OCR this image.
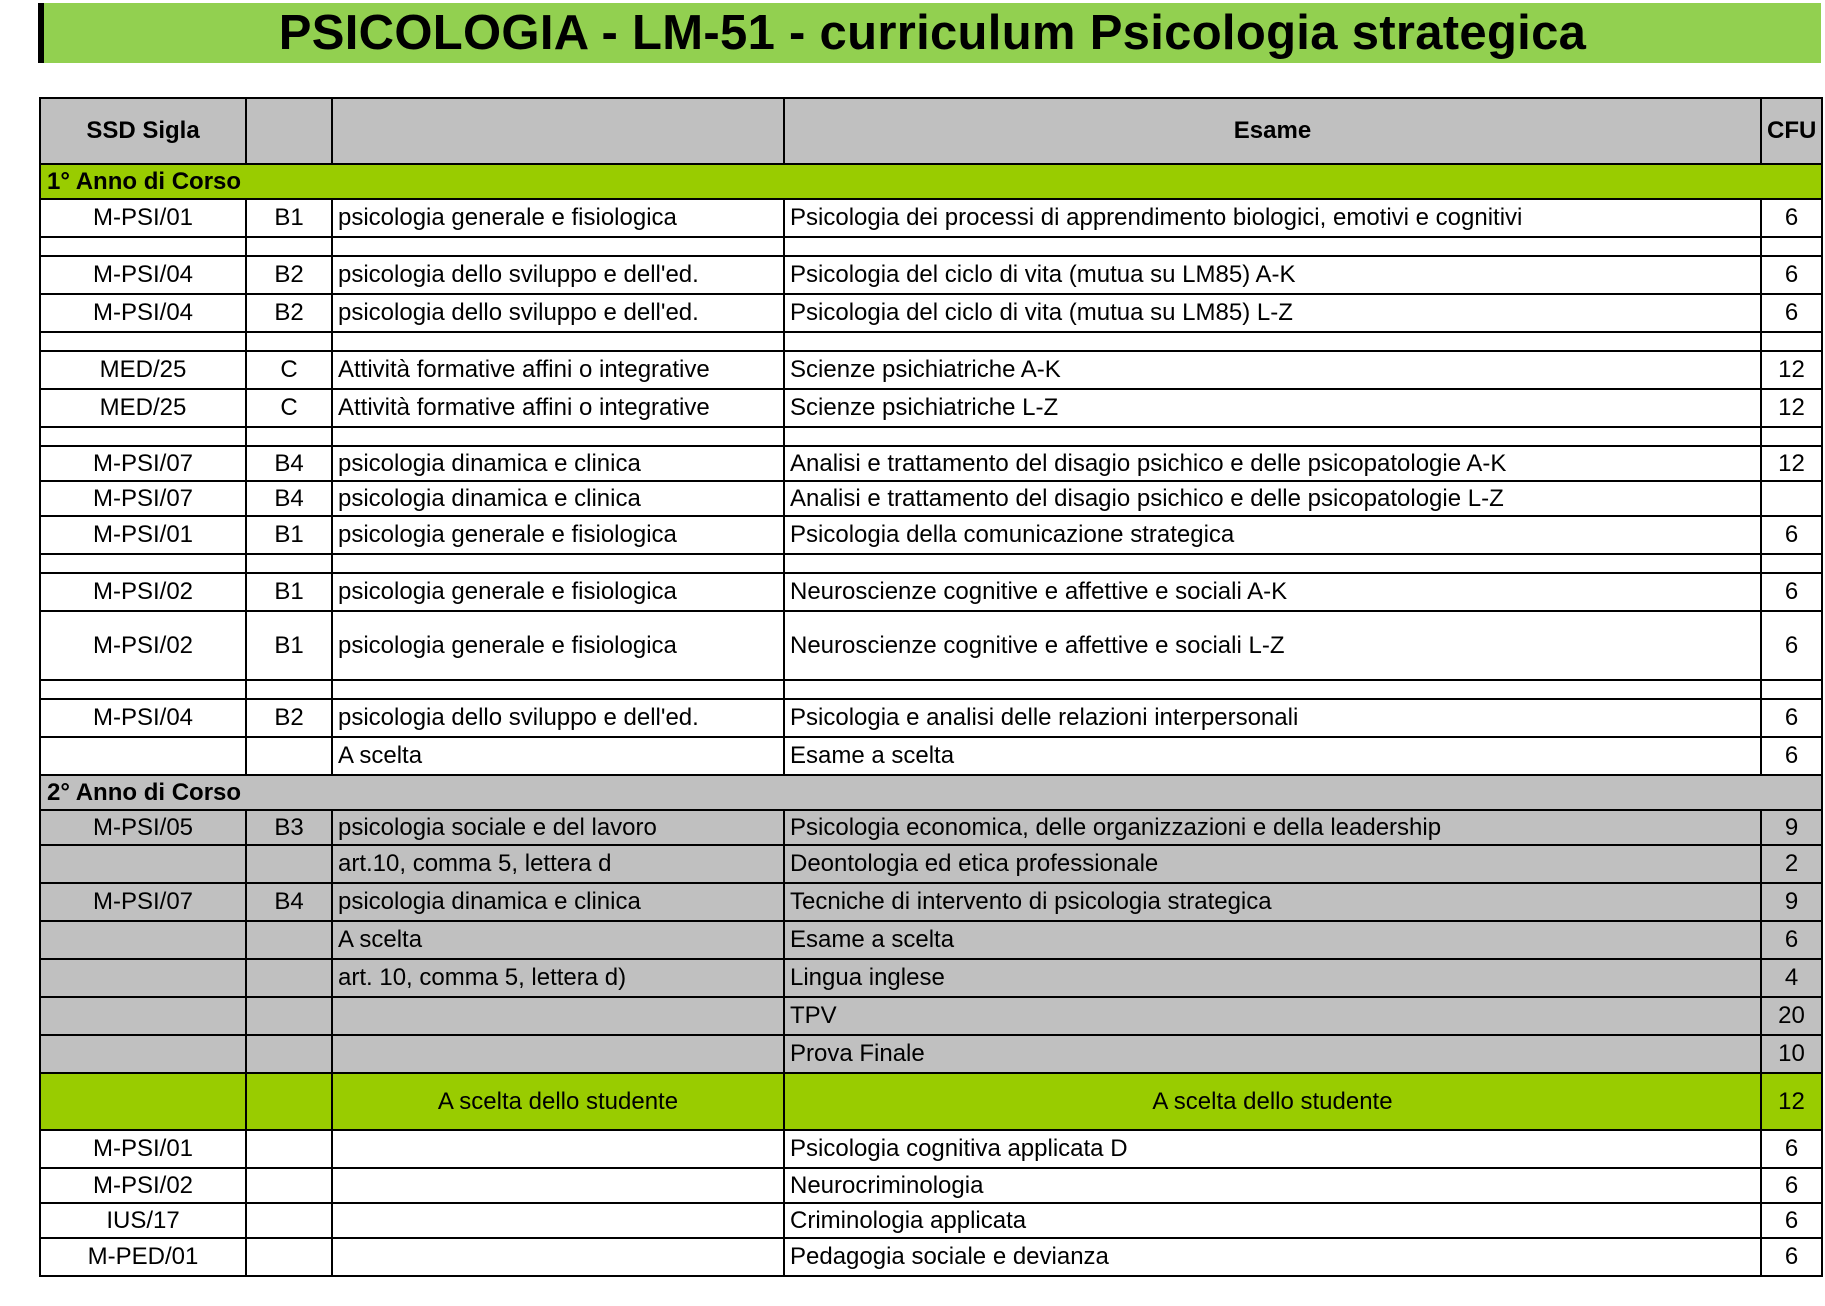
PSICOLOGIA - LM-51 - curriculum Psicologia strategica
SSD Sigla			Esame	CFU
1° Anno di Corso				
M-PSI/01	B1	psicologia generale e fisiologica	Psicologia dei processi di apprendimento biologici, emotivi e cognitivi	6

M-PSI/04	B2	psicologia dello sviluppo e dell'ed.	Psicologia del ciclo di vita (mutua su LM85) A-K	6
M-PSI/04	B2	psicologia dello sviluppo e dell'ed.	Psicologia del ciclo di vita (mutua su LM85) L-Z	6

MED/25	C	Attività formative affini o integrative	Scienze psichiatriche A-K	12
MED/25	C	Attività formative affini o integrative	Scienze psichiatriche L-Z	12

M-PSI/07	B4	psicologia dinamica e clinica	Analisi e trattamento del disagio psichico e delle psicopatologie A-K	12
M-PSI/07	B4	psicologia dinamica e clinica	Analisi e trattamento del disagio psichico e delle psicopatologie L-Z	
M-PSI/01	B1	psicologia generale e fisiologica	Psicologia della comunicazione strategica	6

M-PSI/02	B1	psicologia generale e fisiologica	Neuroscienze cognitive e affettive e sociali A-K	6
M-PSI/02	B1	psicologia generale e fisiologica	Neuroscienze cognitive e affettive e sociali L-Z	6

M-PSI/04	B2	psicologia dello sviluppo e dell'ed.	Psicologia e analisi delle relazioni interpersonali	6
		A scelta	Esame a scelta	6
2° Anno di Corso				
M-PSI/05	B3	psicologia sociale e del lavoro	Psicologia economica, delle organizzazioni e della leadership	9
		art.10, comma 5, lettera d	Deontologia ed etica professionale	2
M-PSI/07	B4	psicologia dinamica e clinica	Tecniche di intervento di psicologia strategica	9
		A scelta	Esame a scelta	6
		art. 10, comma 5, lettera d)	Lingua inglese	4
			TPV	20
			Prova Finale	10
		A scelta dello studente	A scelta dello studente	12
M-PSI/01			Psicologia cognitiva applicata D	6
M-PSI/02			Neurocriminologia	6
IUS/17			Criminologia applicata	6
M-PED/01			Pedagogia sociale e devianza	6
